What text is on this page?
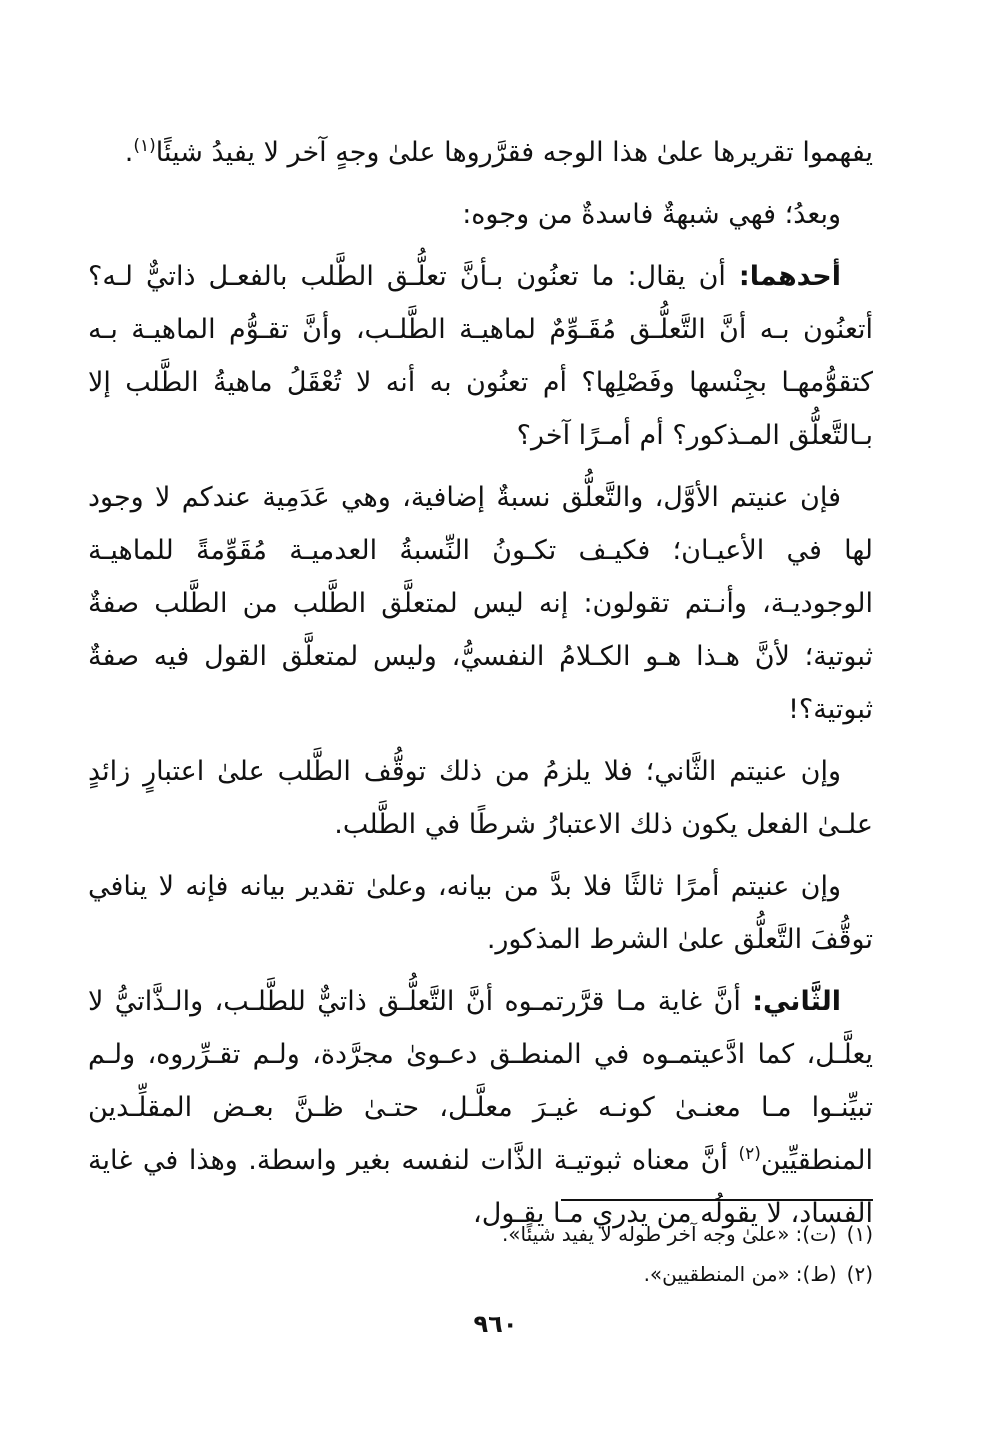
يفهموا تقريرها علىٰ هذا الوجه فقرَّروها علىٰ وجهٍ آخر لا يفيدُ شيئًا$^{(١)}$.

وبعدُ؛ فهي شبهةٌ فاسدةٌ من وجوه:

أحدهما: أن يقال: ما تعنُون بـأنَّ تعلُّـق الطَّلب بالفعـل ذاتيٌّ لـه؟ أتعنُون بـه أنَّ التَّعلُّـق مُقَـوِّمٌ لماهيـة الطَّلـب، وأنَّ تقـوُّم الماهيـة بـه كتقوُّمهـا بجِنْسها وفَصْلِها؟ أم تعنُون به أنه لا تُعْقَلُ ماهيةُ الطَّلب إلا بـالتَّعلُّق المـذكور؟ أم أمـرًا آخر؟

فإن عنيتم الأوَّل، والتَّعلُّق نسبةٌ إضافية، وهي عَدَمِية عندكم لا وجود لها في الأعيـان؛ فكيـف تكـونُ النِّسبةُ العدميـة مُقَوِّمةً للماهيـة الوجوديـة، وأنـتم تقولون: إنه ليس لمتعلَّق الطَّلب من الطَّلب صفةٌ ثبوتية؛ لأنَّ هـذا هـو الكـلامُ النفسيُّ، وليس لمتعلَّق القول فيه صفةٌ ثبوتية؟!

وإن عنيتم الثَّاني؛ فلا يلزمُ من ذلك توقُّف الطَّلب علىٰ اعتبارٍ زائدٍ علـىٰ الفعل يكون ذلك الاعتبارُ شرطًا في الطَّلب.

وإن عنيتم أمرًا ثالثًا فلا بدَّ من بيانه، وعلىٰ تقدير بيانه فإنه لا ينافي توقُّفَ التَّعلُّق علىٰ الشرط المذكور.

الثَّاني: أنَّ غاية مـا قرَّرتمـوه أنَّ التَّعلُّـق ذاتيٌّ للطَّلـب، والـذَّاتيُّ لا يعلَّـل، كما ادَّعيتمـوه في المنطـق دعـوىٰ مجرَّدة، ولـم تقـرِّروه، ولـم تبيِّنـوا مـا معنـىٰ كونـه غيـرَ معلَّـل، حتـىٰ ظـنَّ بعـض المقلِّـدين المنطقيِّين$^{(٢)}$ أنَّ معناه ثبوتيـة الذَّات لنفسه بغير واسطة. وهذا في غاية الفساد، لا يقولُه من يدري مـا يقـول،

(١)(ت):«علىٰ وجه آخر طوله لا يفيد شيئًا».
(٢)(ط):«من المنطقيين».
٩٦٠
